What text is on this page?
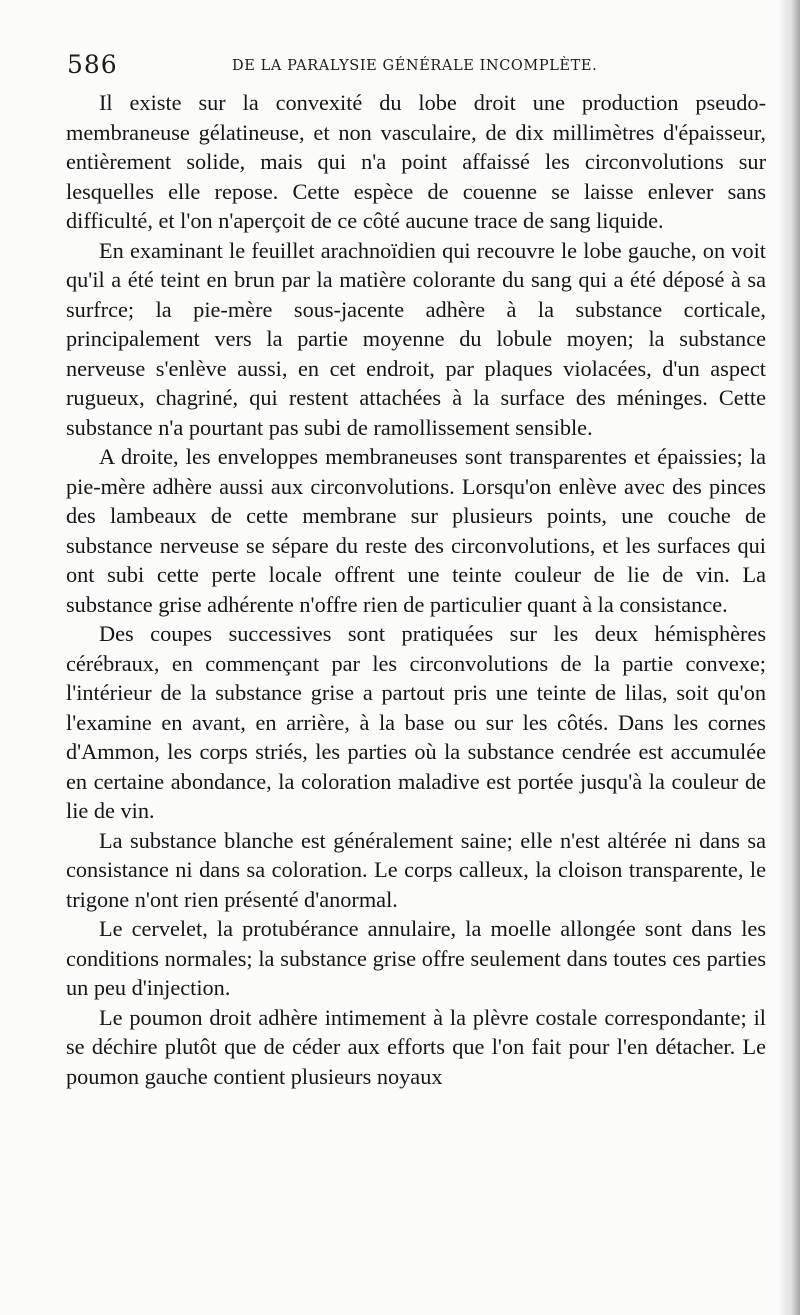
586	DE LA PARALYSIE GÉNÉRALE INCOMPLÈTE.

Il existe sur la convexité du lobe droit une production pseudo-membraneuse gélatineuse, et non vasculaire, de dix millimètres d'épaisseur, entièrement solide, mais qui n'a point affaissé les circonvolutions sur lesquelles elle repose. Cette espèce de couenne se laisse enlever sans difficulté, et l'on n'aperçoit de ce côté aucune trace de sang liquide.

En examinant le feuillet arachnoïdien qui recouvre le lobe gauche, on voit qu'il a été teint en brun par la matière colorante du sang qui a été déposé à sa surfrce; la pie-mère sous-jacente adhère à la substance corticale, principalement vers la partie moyenne du lobule moyen; la substance nerveuse s'enlève aussi, en cet endroit, par plaques violacées, d'un aspect rugueux, chagriné, qui restent attachées à la surface des méninges. Cette substance n'a pourtant pas subi de ramollissement sensible.

A droite, les enveloppes membraneuses sont transparentes et épaissies; la pie-mère adhère aussi aux circonvolutions. Lorsqu'on enlève avec des pinces des lambeaux de cette membrane sur plusieurs points, une couche de substance nerveuse se sépare du reste des circonvolutions, et les surfaces qui ont subi cette perte locale offrent une teinte couleur de lie de vin. La substance grise adhérente n'offre rien de particulier quant à la consistance.

Des coupes successives sont pratiquées sur les deux hémisphères cérébraux, en commençant par les circonvolutions de la partie convexe; l'intérieur de la substance grise a partout pris une teinte de lilas, soit qu'on l'examine en avant, en arrière, à la base ou sur les côtés. Dans les cornes d'Ammon, les corps striés, les parties où la substance cendrée est accumulée en certaine abondance, la coloration maladive est portée jusqu'à la couleur de lie de vin.

La substance blanche est généralement saine; elle n'est altérée ni dans sa consistance ni dans sa coloration. Le corps calleux, la cloison transparente, le trigone n'ont rien présenté d'anormal.

Le cervelet, la protubérance annulaire, la moelle allongée sont dans les conditions normales; la substance grise offre seulement dans toutes ces parties un peu d'injection.

Le poumon droit adhère intimement à la plèvre costale correspondante; il se déchire plutôt que de céder aux efforts que l'on fait pour l'en détacher. Le poumon gauche contient plusieurs noyaux
